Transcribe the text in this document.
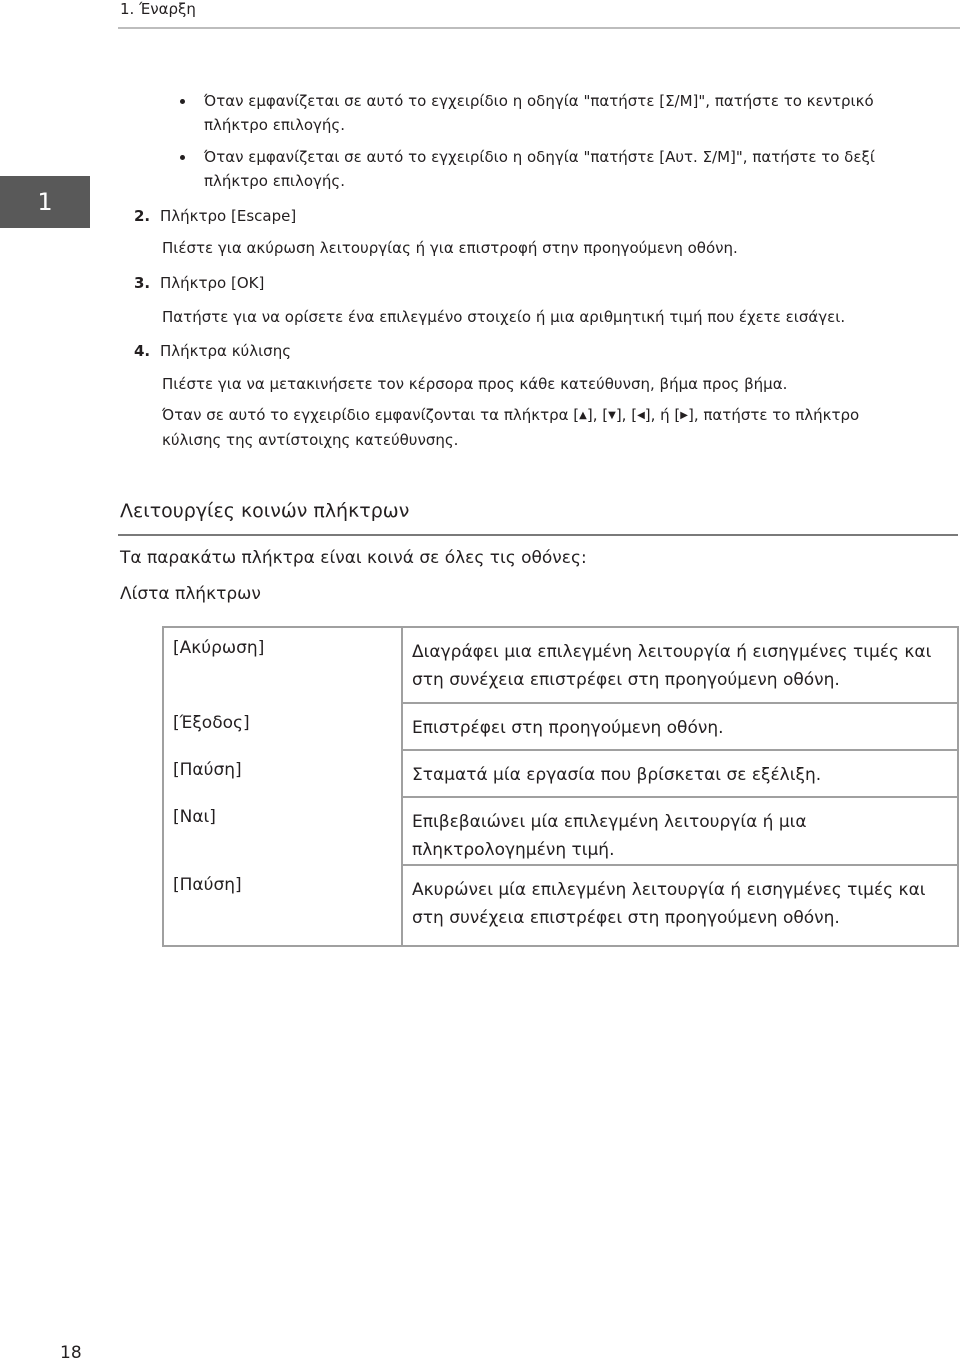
1. Έναρξη
1
Όταν εμφανίζεται σε αυτό το εγχειρίδιο η οδηγία "πατήστε [Σ/Μ]", πατήστε το κεντρικό πλήκτρο επιλογής.
Όταν εμφανίζεται σε αυτό το εγχειρίδιο η οδηγία "πατήστε [Αυτ. Σ/Μ]", πατήστε το δεξί πλήκτρο επιλογής.
2. Πλήκτρο [Escape]
Πιέστε για ακύρωση λειτουργίας ή για επιστροφή στην προηγούμενη οθόνη.
3. Πλήκτρο [OK]
Πατήστε για να ορίσετε ένα επιλεγμένο στοιχείο ή μια αριθμητική τιμή που έχετε εισάγει.
4. Πλήκτρα κύλισης
Πιέστε για να μετακινήσετε τον κέρσορα προς κάθε κατεύθυνση, βήμα προς βήμα.
Όταν σε αυτό το εγχειρίδιο εμφανίζονται τα πλήκτρα [▲], [▼], [◀], ή [▶], πατήστε το πλήκτρο κύλισης της αντίστοιχης κατεύθυνσης.
Λειτουργίες κοινών πλήκτρων
Τα παρακάτω πλήκτρα είναι κοινά σε όλες τις οθόνες:
Λίστα πλήκτρων
[Ακύρωση]	Διαγράφει μια επιλεγμένη λειτουργία ή εισηγμένες τιμές και στη συνέχεια επιστρέφει στη προηγούμενη οθόνη.
[Έξοδος]	Επιστρέφει στη προηγούμενη οθόνη.
[Παύση]	Σταματά μία εργασία που βρίσκεται σε εξέλιξη.
[Ναι]	Επιβεβαιώνει μία επιλεγμένη λειτουργία ή μια πληκτρολογημένη τιμή.
[Παύση]	Ακυρώνει μία επιλεγμένη λειτουργία ή εισηγμένες τιμές και στη συνέχεια επιστρέφει στη προηγούμενη οθόνη.
18
